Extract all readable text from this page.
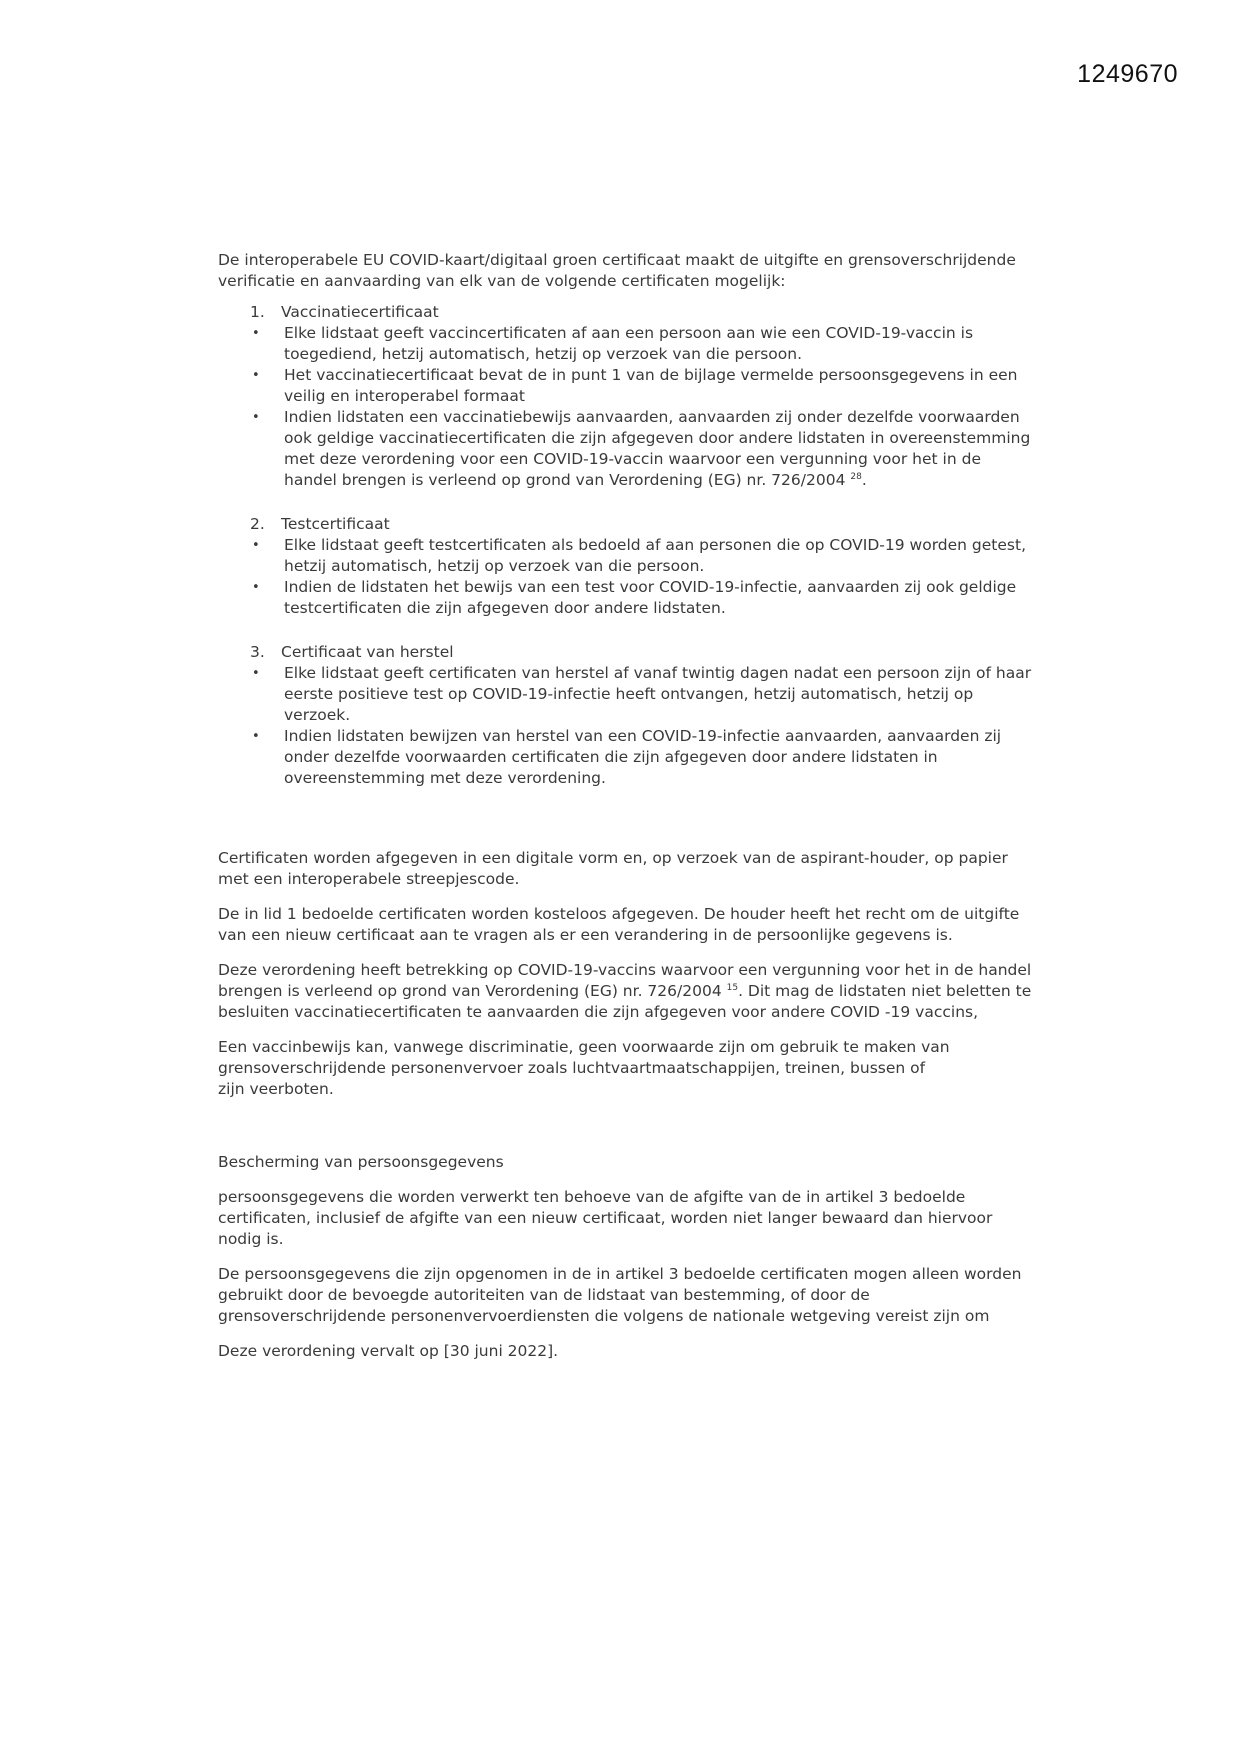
1249670

De interoperabele EU COVID-kaart/digitaal groen certificaat maakt de uitgifte en grensoverschrijdende verificatie en aanvaarding van elk van de volgende certificaten mogelijk:

1.	Vaccinatiecertificaat
•	Elke lidstaat geeft vaccincertificaten af aan een persoon aan wie een COVID-19-vaccin is toegediend, hetzij automatisch, hetzij op verzoek van die persoon.
•	Het vaccinatiecertificaat bevat de in punt 1 van de bijlage vermelde persoonsgegevens in een veilig en interoperabel formaat
•	Indien lidstaten een vaccinatiebewijs aanvaarden, aanvaarden zij onder dezelfde voorwaarden ook geldige vaccinatiecertificaten die zijn afgegeven door andere lidstaten in overeenstemming met deze verordening voor een COVID-19-vaccin waarvoor een vergunning voor het in de handel brengen is verleend op grond van Verordening (EG) nr. 726/2004 $^{28}$.
2.	Testcertificaat
•	Elke lidstaat geeft testcertificaten als bedoeld af aan personen die op COVID-19 worden getest, hetzij automatisch, hetzij op verzoek van die persoon.
•	Indien de lidstaten het bewijs van een test voor COVID-19-infectie, aanvaarden zij ook geldige testcertificaten die zijn afgegeven door andere lidstaten.
3.	Certificaat van herstel
•	Elke lidstaat geeft certificaten van herstel af vanaf twintig dagen nadat een persoon zijn of haar eerste positieve test op COVID-19-infectie heeft ontvangen, hetzij automatisch, hetzij op verzoek.
•	Indien lidstaten bewijzen van herstel van een COVID-19-infectie aanvaarden, aanvaarden zij onder dezelfde voorwaarden certificaten die zijn afgegeven door andere lidstaten in overeenstemming met deze verordening.

Certificaten worden afgegeven in een digitale vorm en, op verzoek van de aspirant-houder, op papier met een interoperabele streepjescode.

De in lid 1 bedoelde certificaten worden kosteloos afgegeven. De houder heeft het recht om de uitgifte van een nieuw certificaat aan te vragen als er een verandering in de persoonlijke gegevens is.

Deze verordening heeft betrekking op COVID-19-vaccins waarvoor een vergunning voor het in de handel brengen is verleend op grond van Verordening (EG) nr. 726/2004 $^{15}$. Dit mag de lidstaten niet beletten te besluiten vaccinatiecertificaten te aanvaarden die zijn afgegeven voor andere COVID -19 vaccins,

Een vaccinbewijs kan, vanwege discriminatie, geen voorwaarde zijn om gebruik te maken van
grensoverschrijdende personenvervoer zoals luchtvaartmaatschappijen, treinen, bussen of
zijn veerboten.

Bescherming van persoonsgegevens

persoonsgegevens die worden verwerkt ten behoeve van de afgifte van de in artikel 3 bedoelde certificaten, inclusief de afgifte van een nieuw certificaat, worden niet langer bewaard dan hiervoor nodig is.

De persoonsgegevens die zijn opgenomen in de in artikel 3 bedoelde certificaten mogen alleen worden gebruikt door de bevoegde autoriteiten van de lidstaat van bestemming, of door de grensoverschrijdende personenvervoerdiensten die volgens de nationale wetgeving vereist zijn om

Deze verordening vervalt op [30 juni 2022].
